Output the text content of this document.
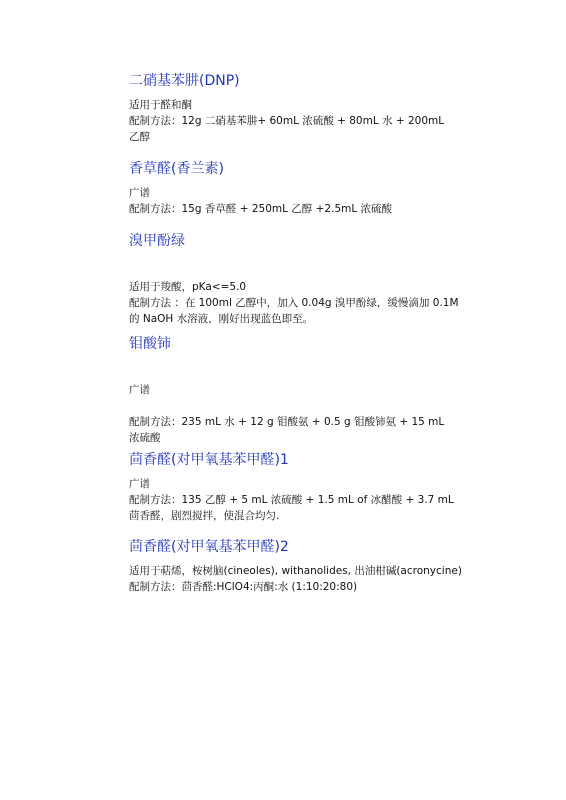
二硝基苯肼(DNP)

适用于醛和酮

配制方法：12g 二硝基苯肼+ 60mL 浓硫酸 + 80mL 水 + 200mL

乙醇

香草醛(香兰素)

广谱

配制方法：15g 香草醛 + 250mL 乙醇 +2.5mL 浓硫酸

溴甲酚绿

适用于羧酸，pKa<=5.0

配制方法 ：在 100ml 乙醇中，加入 0.04g 溴甲酚绿，缓慢滴加 0.1M

的 NaOH 水溶液，刚好出现蓝色即至。

钼酸铈

广谱

配制方法：235 mL 水 + 12 g 钼酸氨 + 0.5 g 钼酸铈氨 + 15 mL

浓硫酸

茴香醛(对甲氧基苯甲醛)1

广谱

配制方法：135 乙醇 + 5 mL 浓硫酸 + 1.5 mL of 冰醋酸 + 3.7 mL

茴香醛，剧烈搅拌，使混合均匀.

茴香醛(对甲氧基苯甲醛)2

适用于萜烯，桉树脑(cineoles), withanolides, 出油柑碱(acronycine)

配制方法：茴香醛:HClO4:丙酮:水 (1:10:20:80)
